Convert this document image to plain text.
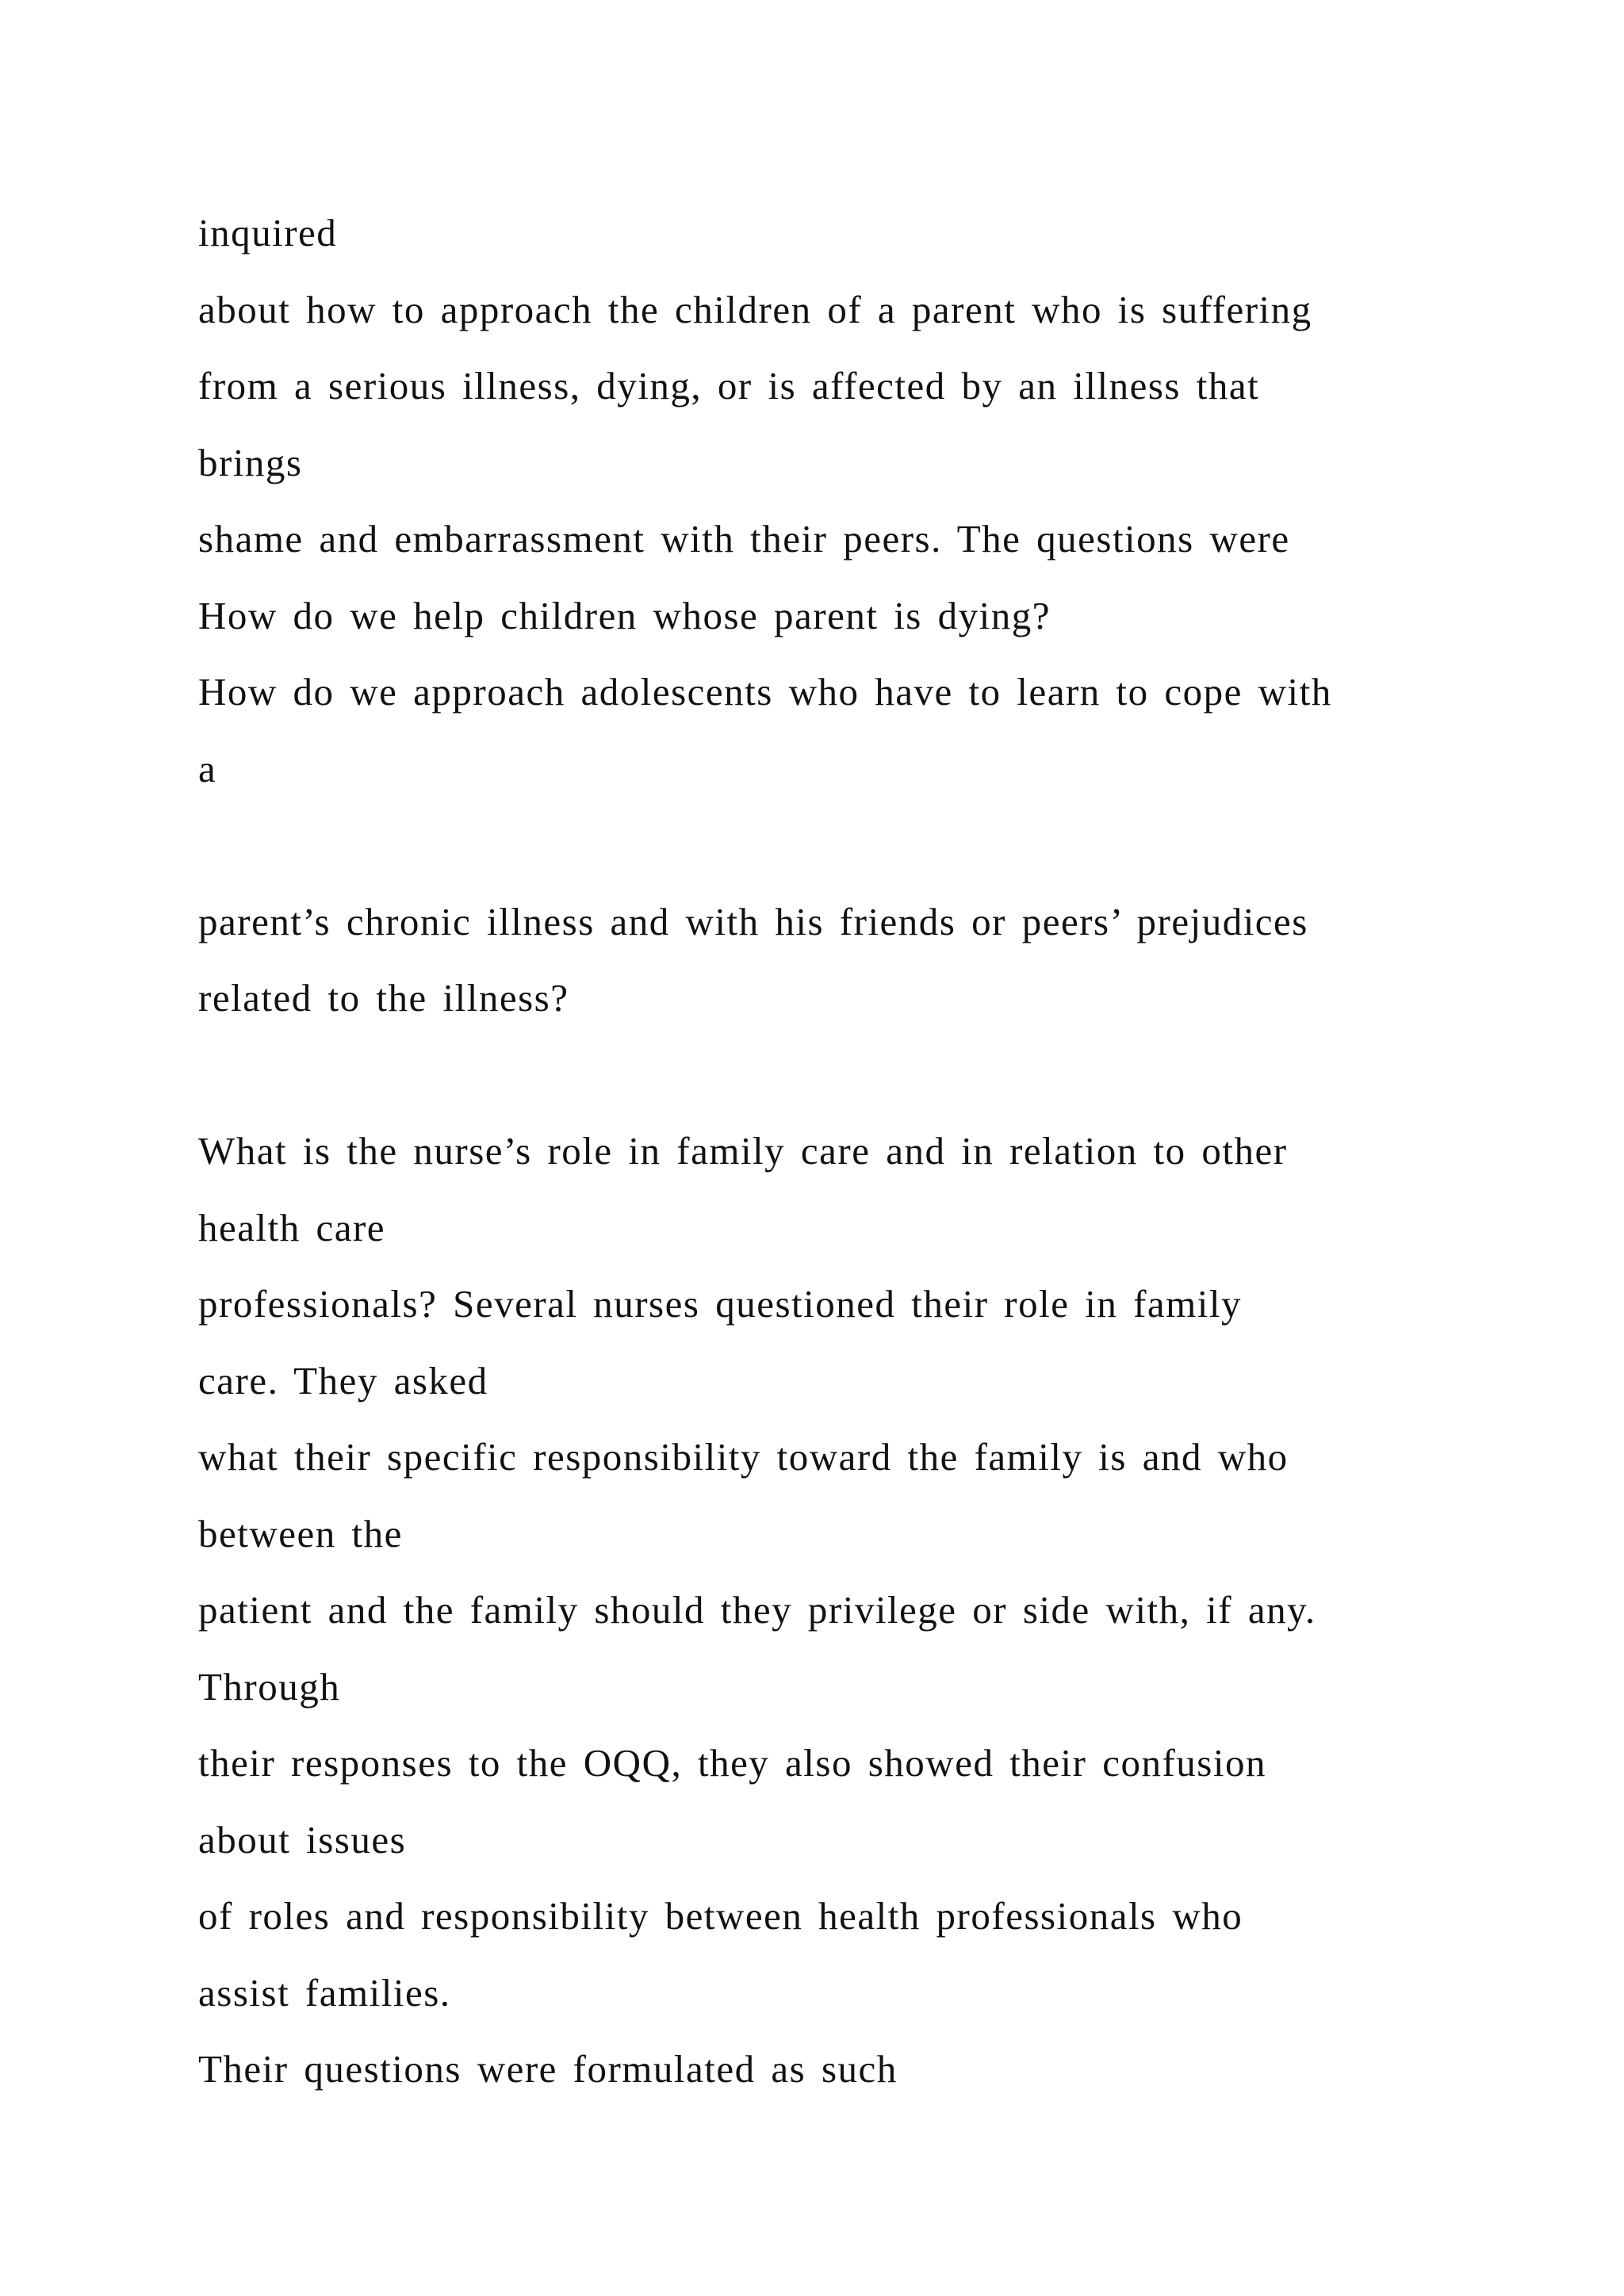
inquired
about how to approach the children of a parent who is suffering
from a serious illness, dying, or is affected by an illness that
brings
shame and embarrassment with their peers. The questions were
How do we help children whose parent is dying?
How do we approach adolescents who have to learn to cope with
a
parent’s chronic illness and with his friends or peers’ prejudices
related to the illness?
What is the nurse’s role in family care and in relation to other
health care
professionals? Several nurses questioned their role in family
care. They asked
what their specific responsibility toward the family is and who
between the
patient and the family should they privilege or side with, if any.
Through
their responses to the OQQ, they also showed their confusion
about issues
of roles and responsibility between health professionals who
assist families.
Their questions were formulated as such
